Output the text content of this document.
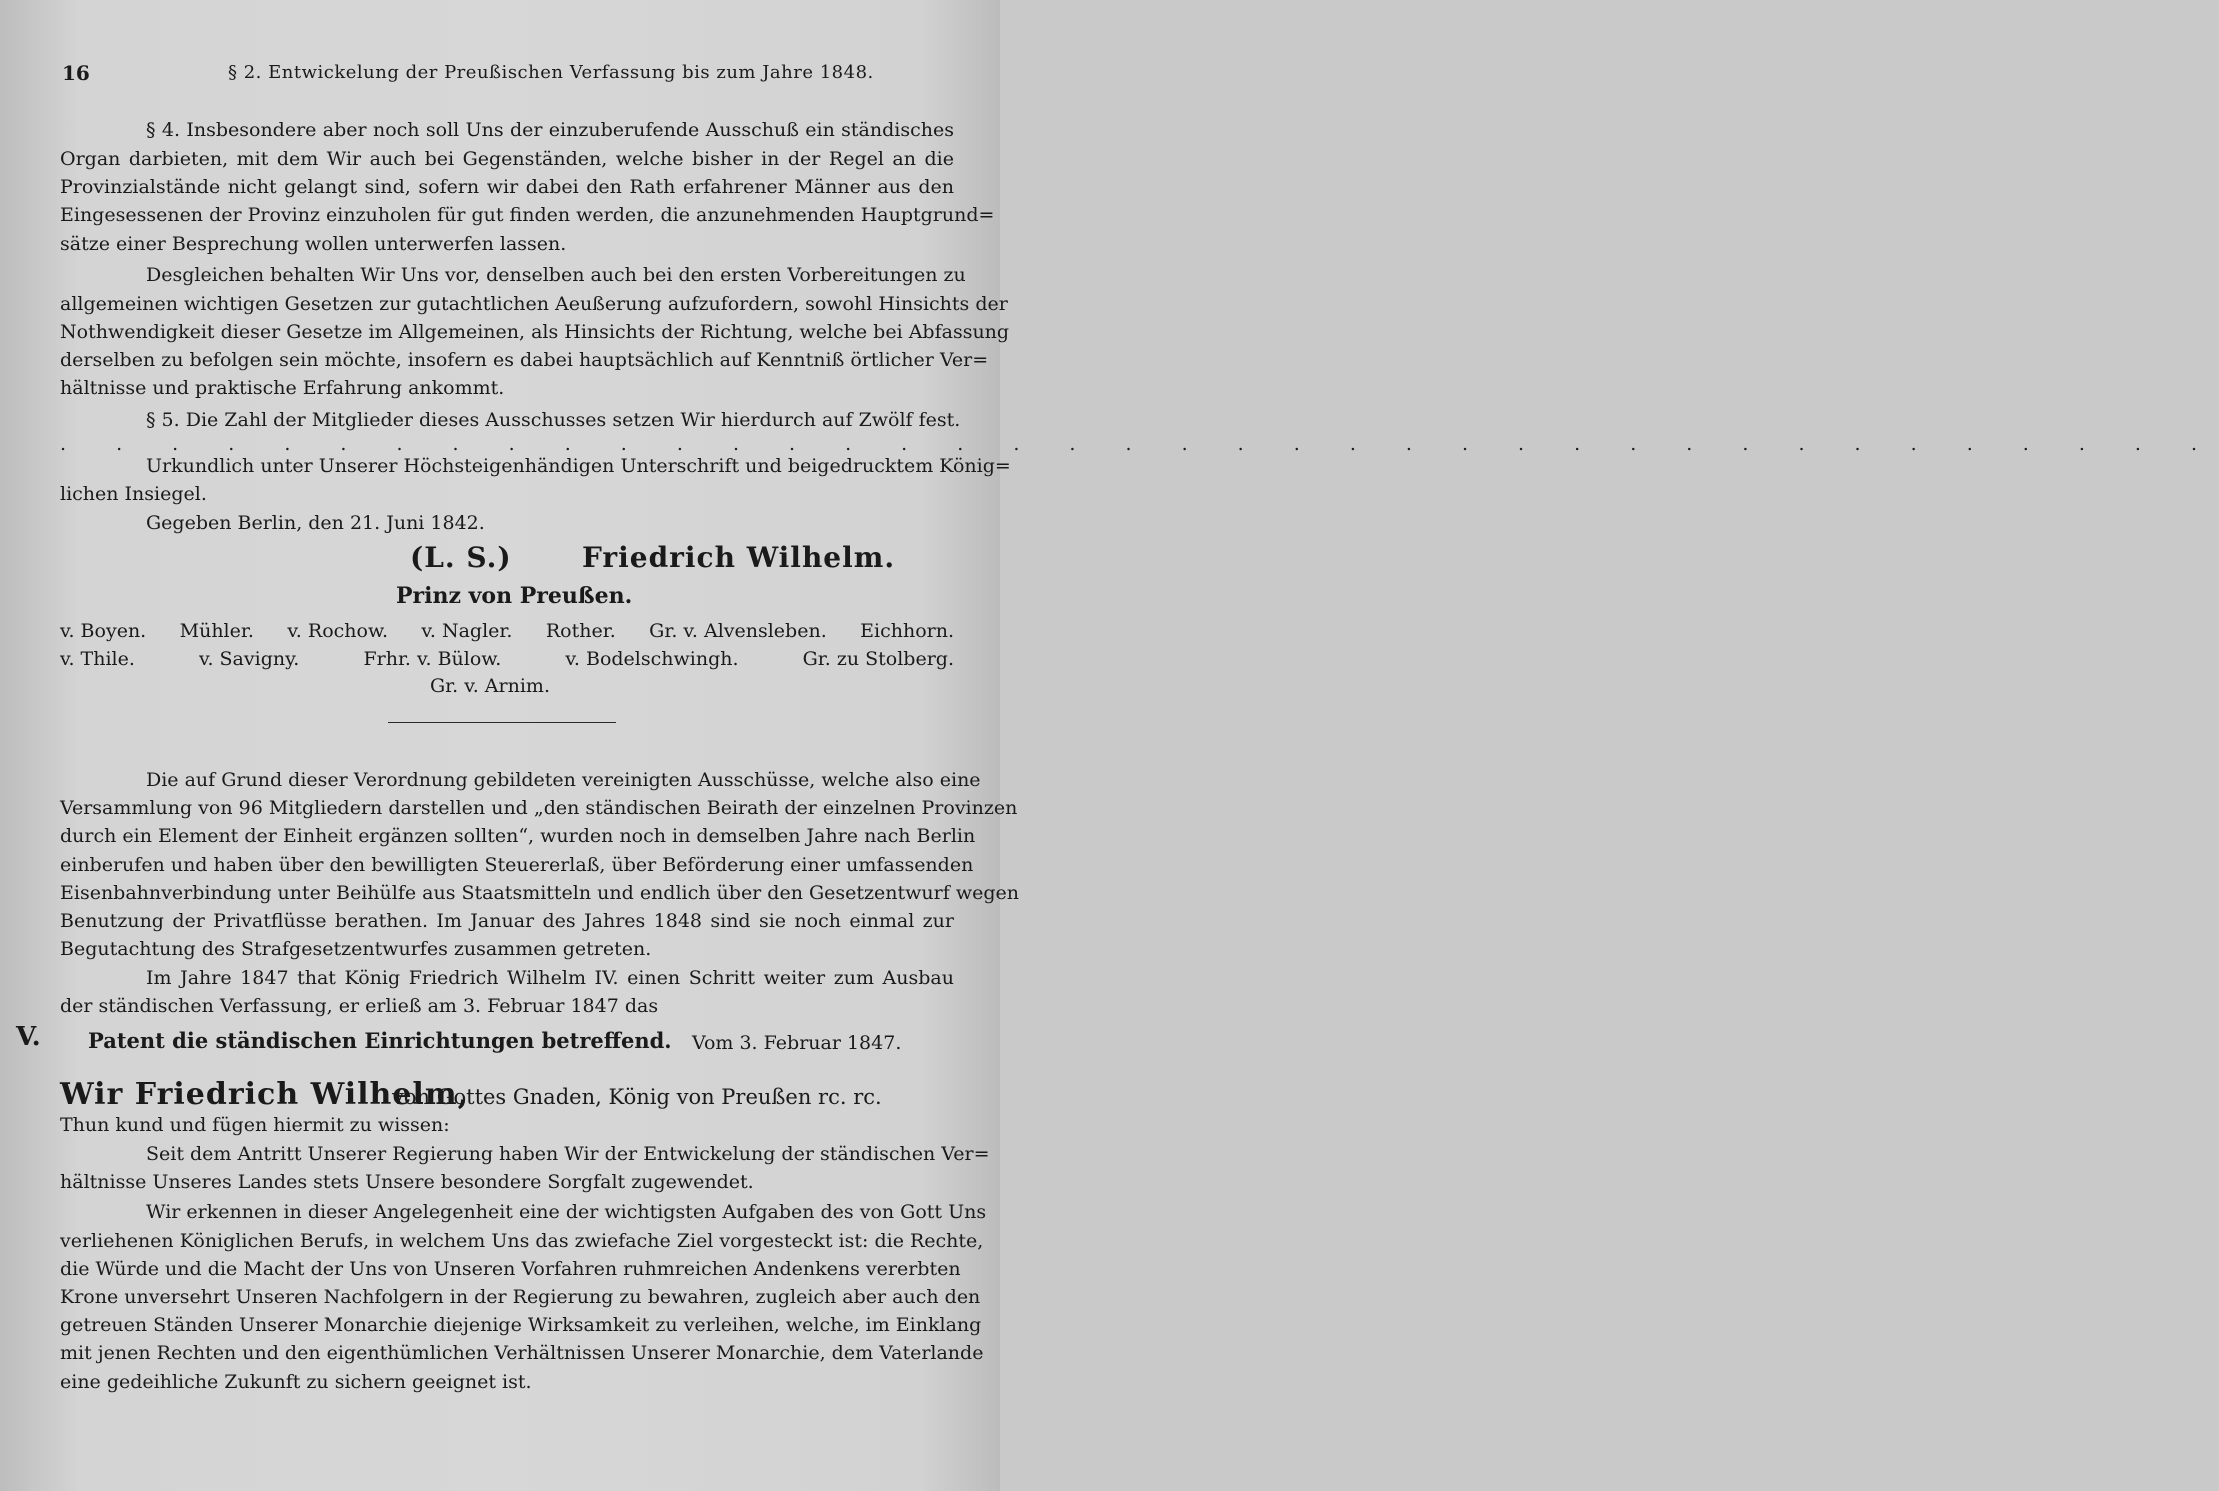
16	§ 2. Entwickelung der Preußischen Verfassung bis zum Jahre 1848.
§ 4. Insbesondere aber noch soll Uns der einzuberufende Ausschuß ein ständisches
Organ darbieten, mit dem Wir auch bei Gegenständen, welche bisher in der Regel an die
Provinzialstände nicht gelangt sind, sofern wir dabei den Rath erfahrener Männer aus den
Eingesessenen der Provinz einzuholen für gut finden werden, die anzunehmenden Hauptgrund=
sätze einer Besprechung wollen unterwerfen lassen.
Desgleichen behalten Wir Uns vor, denselben auch bei den ersten Vorbereitungen zu
allgemeinen wichtigen Gesetzen zur gutachtlichen Aeußerung aufzufordern, sowohl Hinsichts der
Nothwendigkeit dieser Gesetze im Allgemeinen, als Hinsichts der Richtung, welche bei Abfassung
derselben zu befolgen sein möchte, insofern es dabei hauptsächlich auf Kenntniß örtlicher Ver=
hältnisse und praktische Erfahrung ankommt.
§ 5. Die Zahl der Mitglieder dieses Ausschusses setzen Wir hierdurch auf Zwölf fest.
. . . . . . . . . . . . . . . . . . . . . . . . . . . . . . . . . . . . . . .
Urkundlich unter Unserer Höchsteigenhändigen Unterschrift und beigedrucktem König=
lichen Insiegel.
Gegeben Berlin, den 21. Juni 1842.
(L. S.)	Friedrich Wilhelm.
Prinz von Preußen.
v. Boyen. Mühler. v. Rochow. v. Nagler. Rother. Gr. v. Alvensleben. Eichhorn.
v. Thile.	v. Savigny.	Frhr. v. Bülow.	v. Bodelschwingh.	Gr. zu Stolberg.
Gr. v. Arnim.
Die auf Grund dieser Verordnung gebildeten vereinigten Ausschüsse, welche also eine
Versammlung von 96 Mitgliedern darstellen und „den ständischen Beirath der einzelnen Provinzen
durch ein Element der Einheit ergänzen sollten“, wurden noch in demselben Jahre nach Berlin
einberufen und haben über den bewilligten Steuererlaß, über Beförderung einer umfassenden
Eisenbahnverbindung unter Beihülfe aus Staatsmitteln und endlich über den Gesetzentwurf wegen
Benutzung der Privatflüsse berathen. Im Januar des Jahres 1848 sind sie noch einmal zur
Begutachtung des Strafgesetzentwurfes zusammen getreten.
Im Jahre 1847 that König Friedrich Wilhelm IV. einen Schritt weiter zum Ausbau
der ständischen Verfassung, er erließ am 3. Februar 1847 das
V.	Patent die ständischen Einrichtungen betreffend.	Vom 3. Februar 1847.
Wir Friedrich Wilhelm,
von Gottes Gnaden, König von Preußen rc. rc.
Thun kund und fügen hiermit zu wissen:
Seit dem Antritt Unserer Regierung haben Wir der Entwickelung der ständischen Ver=
hältnisse Unseres Landes stets Unsere besondere Sorgfalt zugewendet.
Wir erkennen in dieser Angelegenheit eine der wichtigsten Aufgaben des von Gott Uns
verliehenen Königlichen Berufs, in welchem Uns das zwiefache Ziel vorgesteckt ist: die Rechte,
die Würde und die Macht der Uns von Unseren Vorfahren ruhmreichen Andenkens vererbten
Krone unversehrt Unseren Nachfolgern in der Regierung zu bewahren, zugleich aber auch den
getreuen Ständen Unserer Monarchie diejenige Wirksamkeit zu verleihen, welche, im Einklang
mit jenen Rechten und den eigenthümlichen Verhältnissen Unserer Monarchie, dem Vaterlande
eine gedeihliche Zukunft zu sichern geeignet ist.
